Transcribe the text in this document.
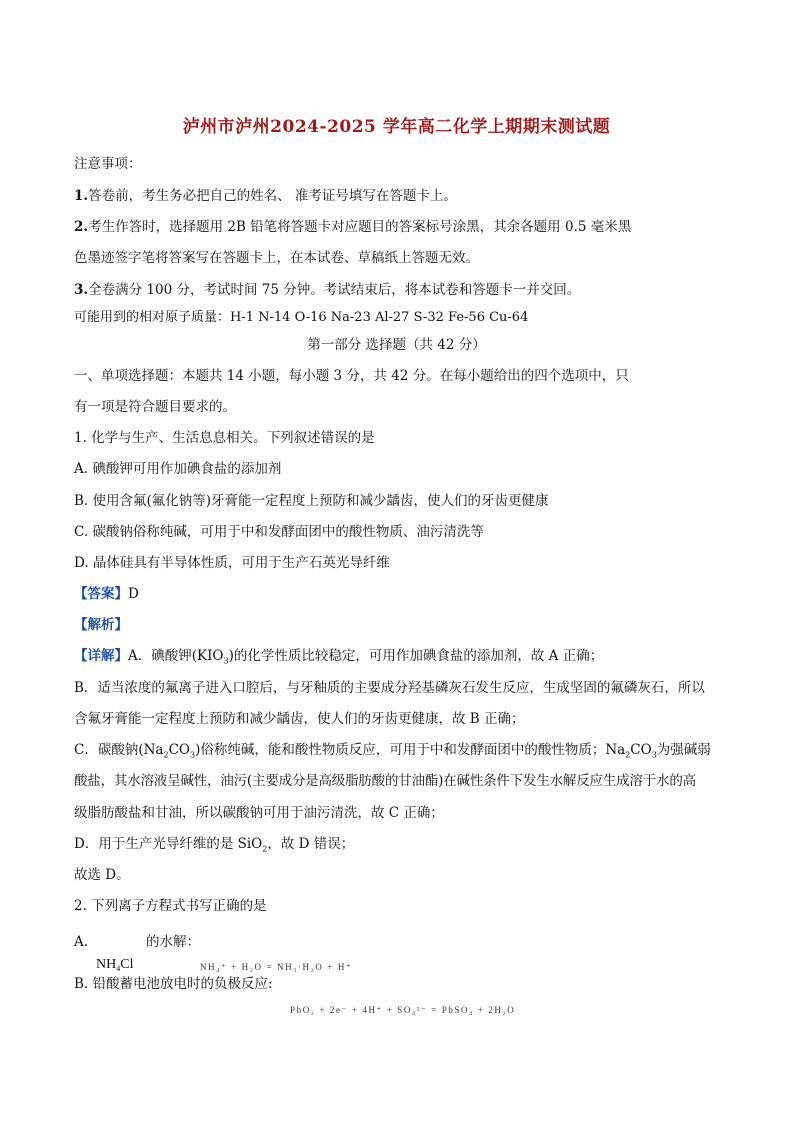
泸州市泸州2024-2025 学年高二化学上期期末测试题
注意事项：
1.答卷前，考生务必把自己的姓名、 准考证号填写在答题卡上。
2.考生作答时，选择题用 2B 铅笔将答题卡对应题目的答案标号涂黑，其余各题用 0.5 毫米黑
色墨迹签字笔将答案写在答题卡上，在本试卷、草稿纸上答题无效。
3.全卷满分 100 分，考试时间 75 分钟。考试结束后，将本试卷和答题卡一并交回。
可能用到的相对原子质量：H-1 N-14 O-16 Na-23 Al-27 S-32 Fe-56 Cu-64
第一部分 选择题（共 42 分）
一、单项选择题：本题共 14 小题，每小题 3 分，共 42 分。在每小题给出的四个选项中，只
有一项是符合题目要求的。
1. 化学与生产、生活息息相关。下列叙述错误的是
A. 碘酸钾可用作加碘食盐的添加剂
B. 使用含氟(氟化钠等)牙膏能一定程度上预防和减少龋齿，使人们的牙齿更健康
C. 碳酸钠俗称纯碱，可用于中和发酵面团中的酸性物质、油污清洗等
D. 晶体硅具有半导体性质，可用于生产石英光导纤维
【答案】D
【解析】
【详解】A．碘酸钾$(KIO_3)$的化学性质比较稳定，可用作加碘食盐的添加剂，故 A 正确；
B．适当浓度的氟离子进入口腔后，与牙釉质的主要成分羟基磷灰石发生反应，生成坚固的氟磷灰石，所以
含氟牙膏能一定程度上预防和减少龋齿，使人们的牙齿更健康，故 B 正确；
C．碳酸钠$(Na_2CO_3)$俗称纯碱，能和酸性物质反应，可用于中和发酵面团中的酸性物质；$Na_2CO_3$为强碱弱
酸盐，其水溶液呈碱性，油污(主要成分是高级脂肪酸的甘油酯)在碱性条件下发生水解反应生成溶于水的高
级脂肪酸盐和甘油，所以碳酸钠可用于油污清洗，故 C 正确；
D．用于生产光导纤维的是 SiO$_2$，故 D 错误；
故选 D。
2. 下列离子方程式书写正确的是
A.	的水解：
$NH_4Cl$	NH₄⁺ + H₂O = NH₃·H₂O + H⁺
B. 铅酸蓄电池放电时的负极反应:
PbO₂ + 2e⁻ + 4H⁺ + SO₄²⁻ = PbSO₄ + 2H₂O
